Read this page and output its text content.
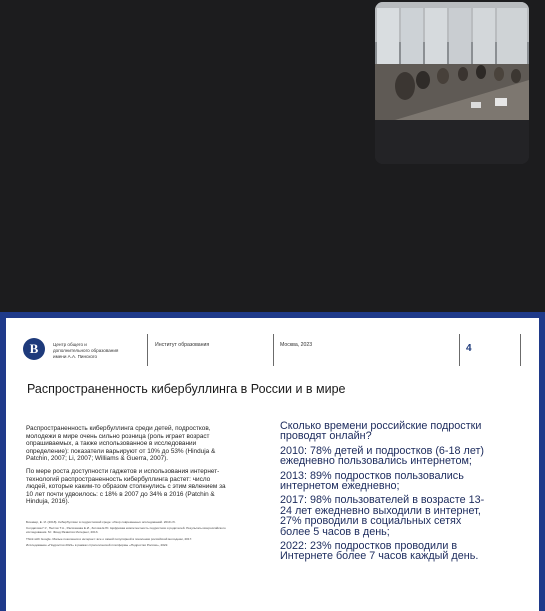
В	Центр общего и
дополнительного образования
имени А.А. Пинского
Институт образования	Москва, 2023	4
Распространенность кибербуллинга в России и в мире

Распространенность кибербуллинга среди детей, подростков, молодежи в мире очень сильно розница (роль играет возраст опрашиваемых, а также использованное в исследовании определение): показатели варьируют от 10% до 53% (Hinduja & Patchin, 2007; Li, 2007; Williams & Guerra, 2007).

По мере роста доступности гаджетов и использования интернет-технологий распространенность кибербуллинга растет: число людей, которые каким-то образом столкнулись с этим явлением за 10 лет почти удвоилось: с 18% в 2007 до 34% в 2016 (Patchin & Hinduja, 2016).

Бочавер, Е. И. (2018). Кибербуллинг в подростковой среде: обзор современных исследований. 2019 сб.

Солдатова Г.У., Нестик Т.А., Рассказова Е.И., Зотова Е.Ю. Цифровая компетентность подростков и родителей. Результаты всероссийского исследования. М.: Фонд Развития Интернет, 2013.

Think with Google. Малые поколения и интернет: все о самой популярной в поколении российской молодежи, 2017.

Исследование «Подростки 2021» в рамках стратегической платформы «Подростки России», 2022.

Сколько времени российские подростки проводят онлайн?

2010: 78% детей и подростков (6-18 лет)
ежедневно пользовались интернетом;

2013: 89% подростков пользовались
интернетом ежедневно;

2017: 98% пользователей в возрасте 13-
24 лет ежедневно выходили в интернет,
27% проводили в социальных сетях
более 5 часов в день;

2022: 23% подростков проводили в
Интернете более 7 часов каждый день.
